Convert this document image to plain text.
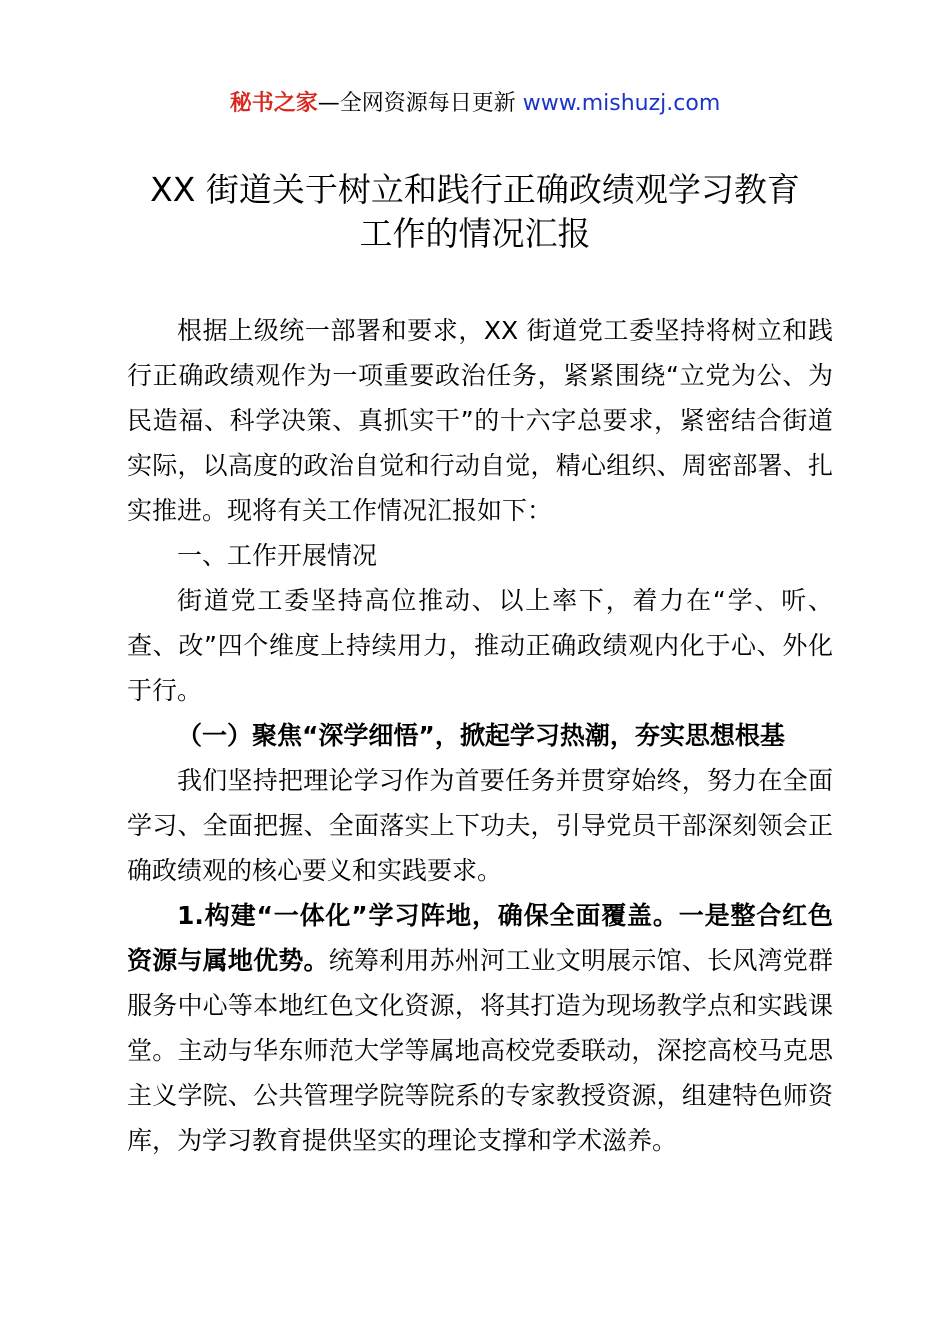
秘书之家—全网资源每日更新 www.mishuzj.com
XX 街道关于树立和践行正确政绩观学习教育
工作的情况汇报

根据上级统一部署和要求，XX 街道党工委坚持将树立和践行正确政绩观作为一项重要政治任务，紧紧围绕“立党为公、为民造福、科学决策、真抓实干”的十六字总要求，紧密结合街道实际，以高度的政治自觉和行动自觉，精心组织、周密部署、扎实推进。现将有关工作情况汇报如下：

一、工作开展情况

街道党工委坚持高位推动、以上率下，着力在“学、听、查、改”四个维度上持续用力，推动正确政绩观内化于心、外化于行。

（一）聚焦“深学细悟”，掀起学习热潮，夯实思想根基

我们坚持把理论学习作为首要任务并贯穿始终，努力在全面学习、全面把握、全面落实上下功夫，引导党员干部深刻领会正确政绩观的核心要义和实践要求。

1.构建“一体化”学习阵地，确保全面覆盖。一是整合红色资源与属地优势。统筹利用苏州河工业文明展示馆、长风湾党群服务中心等本地红色文化资源，将其打造为现场教学点和实践课堂。主动与华东师范大学等属地高校党委联动，深挖高校马克思主义学院、公共管理学院等院系的专家教授资源，组建特色师资库，为学习教育提供坚实的理论支撑和学术滋养。
